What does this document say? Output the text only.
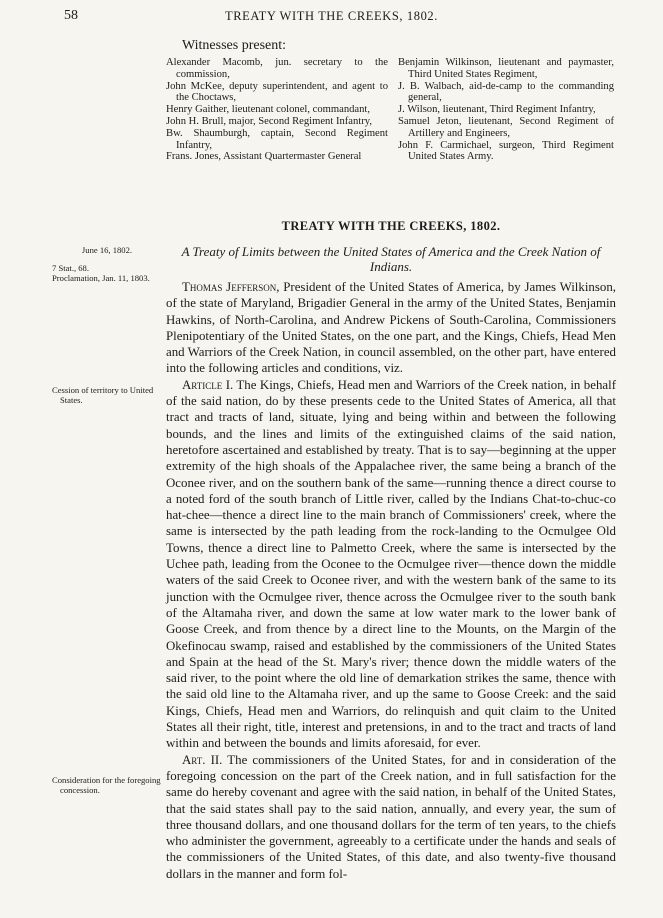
58	TREATY WITH THE CREEKS, 1802.
Witnesses present:
Alexander Macomb, jun. secretary to the commission,
John McKee, deputy superintendent, and agent to the Choctaws,
Henry Gaither, lieutenant colonel, commandant,
John H. Brull, major, Second Regiment Infantry,
Bw. Shaumburgh, captain, Second Regiment Infantry,
Frans. Jones, Assistant Quartermaster General
Benjamin Wilkinson, lieutenant and paymaster, Third United States Regiment,
J. B. Walbach, aid-de-camp to the commanding general,
J. Wilson, lieutenant, Third Regiment Infantry,
Samuel Jeton, lieutenant, Second Regiment of Artillery and Engineers,
John F. Carmichael, surgeon, Third Regiment United States Army.
TREATY WITH THE CREEKS, 1802.
June 16, 1802.
7 Stat., 68.
Proclamation, Jan. 11, 1803.
Cession of territory to United States.
Consideration for the foregoing concession.
A Treaty of Limits between the United States of America and the Creek Nation of Indians.

Thomas Jefferson, President of the United States of America, by James Wilkinson, of the state of Maryland, Brigadier General in the army of the United States, Benjamin Hawkins, of North-Carolina, and Andrew Pickens of South-Carolina, Commissioners Plenipotentiary of the United States, on the one part, and the Kings, Chiefs, Head Men and Warriors of the Creek Nation, in council assembled, on the other part, have entered into the following articles and conditions, viz.

Article I. The Kings, Chiefs, Head men and Warriors of the Creek nation, in behalf of the said nation, do by these presents cede to the United States of America, all that tract and tracts of land, situate, lying and being within and between the following bounds, and the lines and limits of the extinguished claims of the said nation, heretofore ascertained and established by treaty. That is to say—beginning at the upper extremity of the high shoals of the Appalachee river, the same being a branch of the Oconee river, and on the southern bank of the same—running thence a direct course to a noted ford of the south branch of Little river, called by the Indians Chat-to-chuc-co hat-chee—thence a direct line to the main branch of Commissioners' creek, where the same is intersected by the path leading from the rock-landing to the Ocmulgee Old Towns, thence a direct line to Palmetto Creek, where the same is intersected by the Uchee path, leading from the Oconee to the Ocmulgee river—thence down the middle waters of the said Creek to Oconee river, and with the western bank of the same to its junction with the Ocmulgee river, thence across the Ocmulgee river to the south bank of the Altamaha river, and down the same at low water mark to the lower bank of Goose Creek, and from thence by a direct line to the Mounts, on the Margin of the Okefinocau swamp, raised and established by the commissioners of the United States and Spain at the head of the St. Mary's river; thence down the middle waters of the said river, to the point where the old line of demarkation strikes the same, thence with the said old line to the Altamaha river, and up the same to Goose Creek: and the said Kings, Chiefs, Head men and Warriors, do relinquish and quit claim to the United States all their right, title, interest and pretensions, in and to the tract and tracts of land within and between the bounds and limits aforesaid, for ever.

Art. II. The commissioners of the United States, for and in consideration of the foregoing concession on the part of the Creek nation, and in full satisfaction for the same do hereby covenant and agree with the said nation, in behalf of the United States, that the said states shall pay to the said nation, annually, and every year, the sum of three thousand dollars, and one thousand dollars for the term of ten years, to the chiefs who administer the government, agreeably to a certificate under the hands and seals of the commissioners of the United States, of this date, and also twenty-five thousand dollars in the manner and form fol-
